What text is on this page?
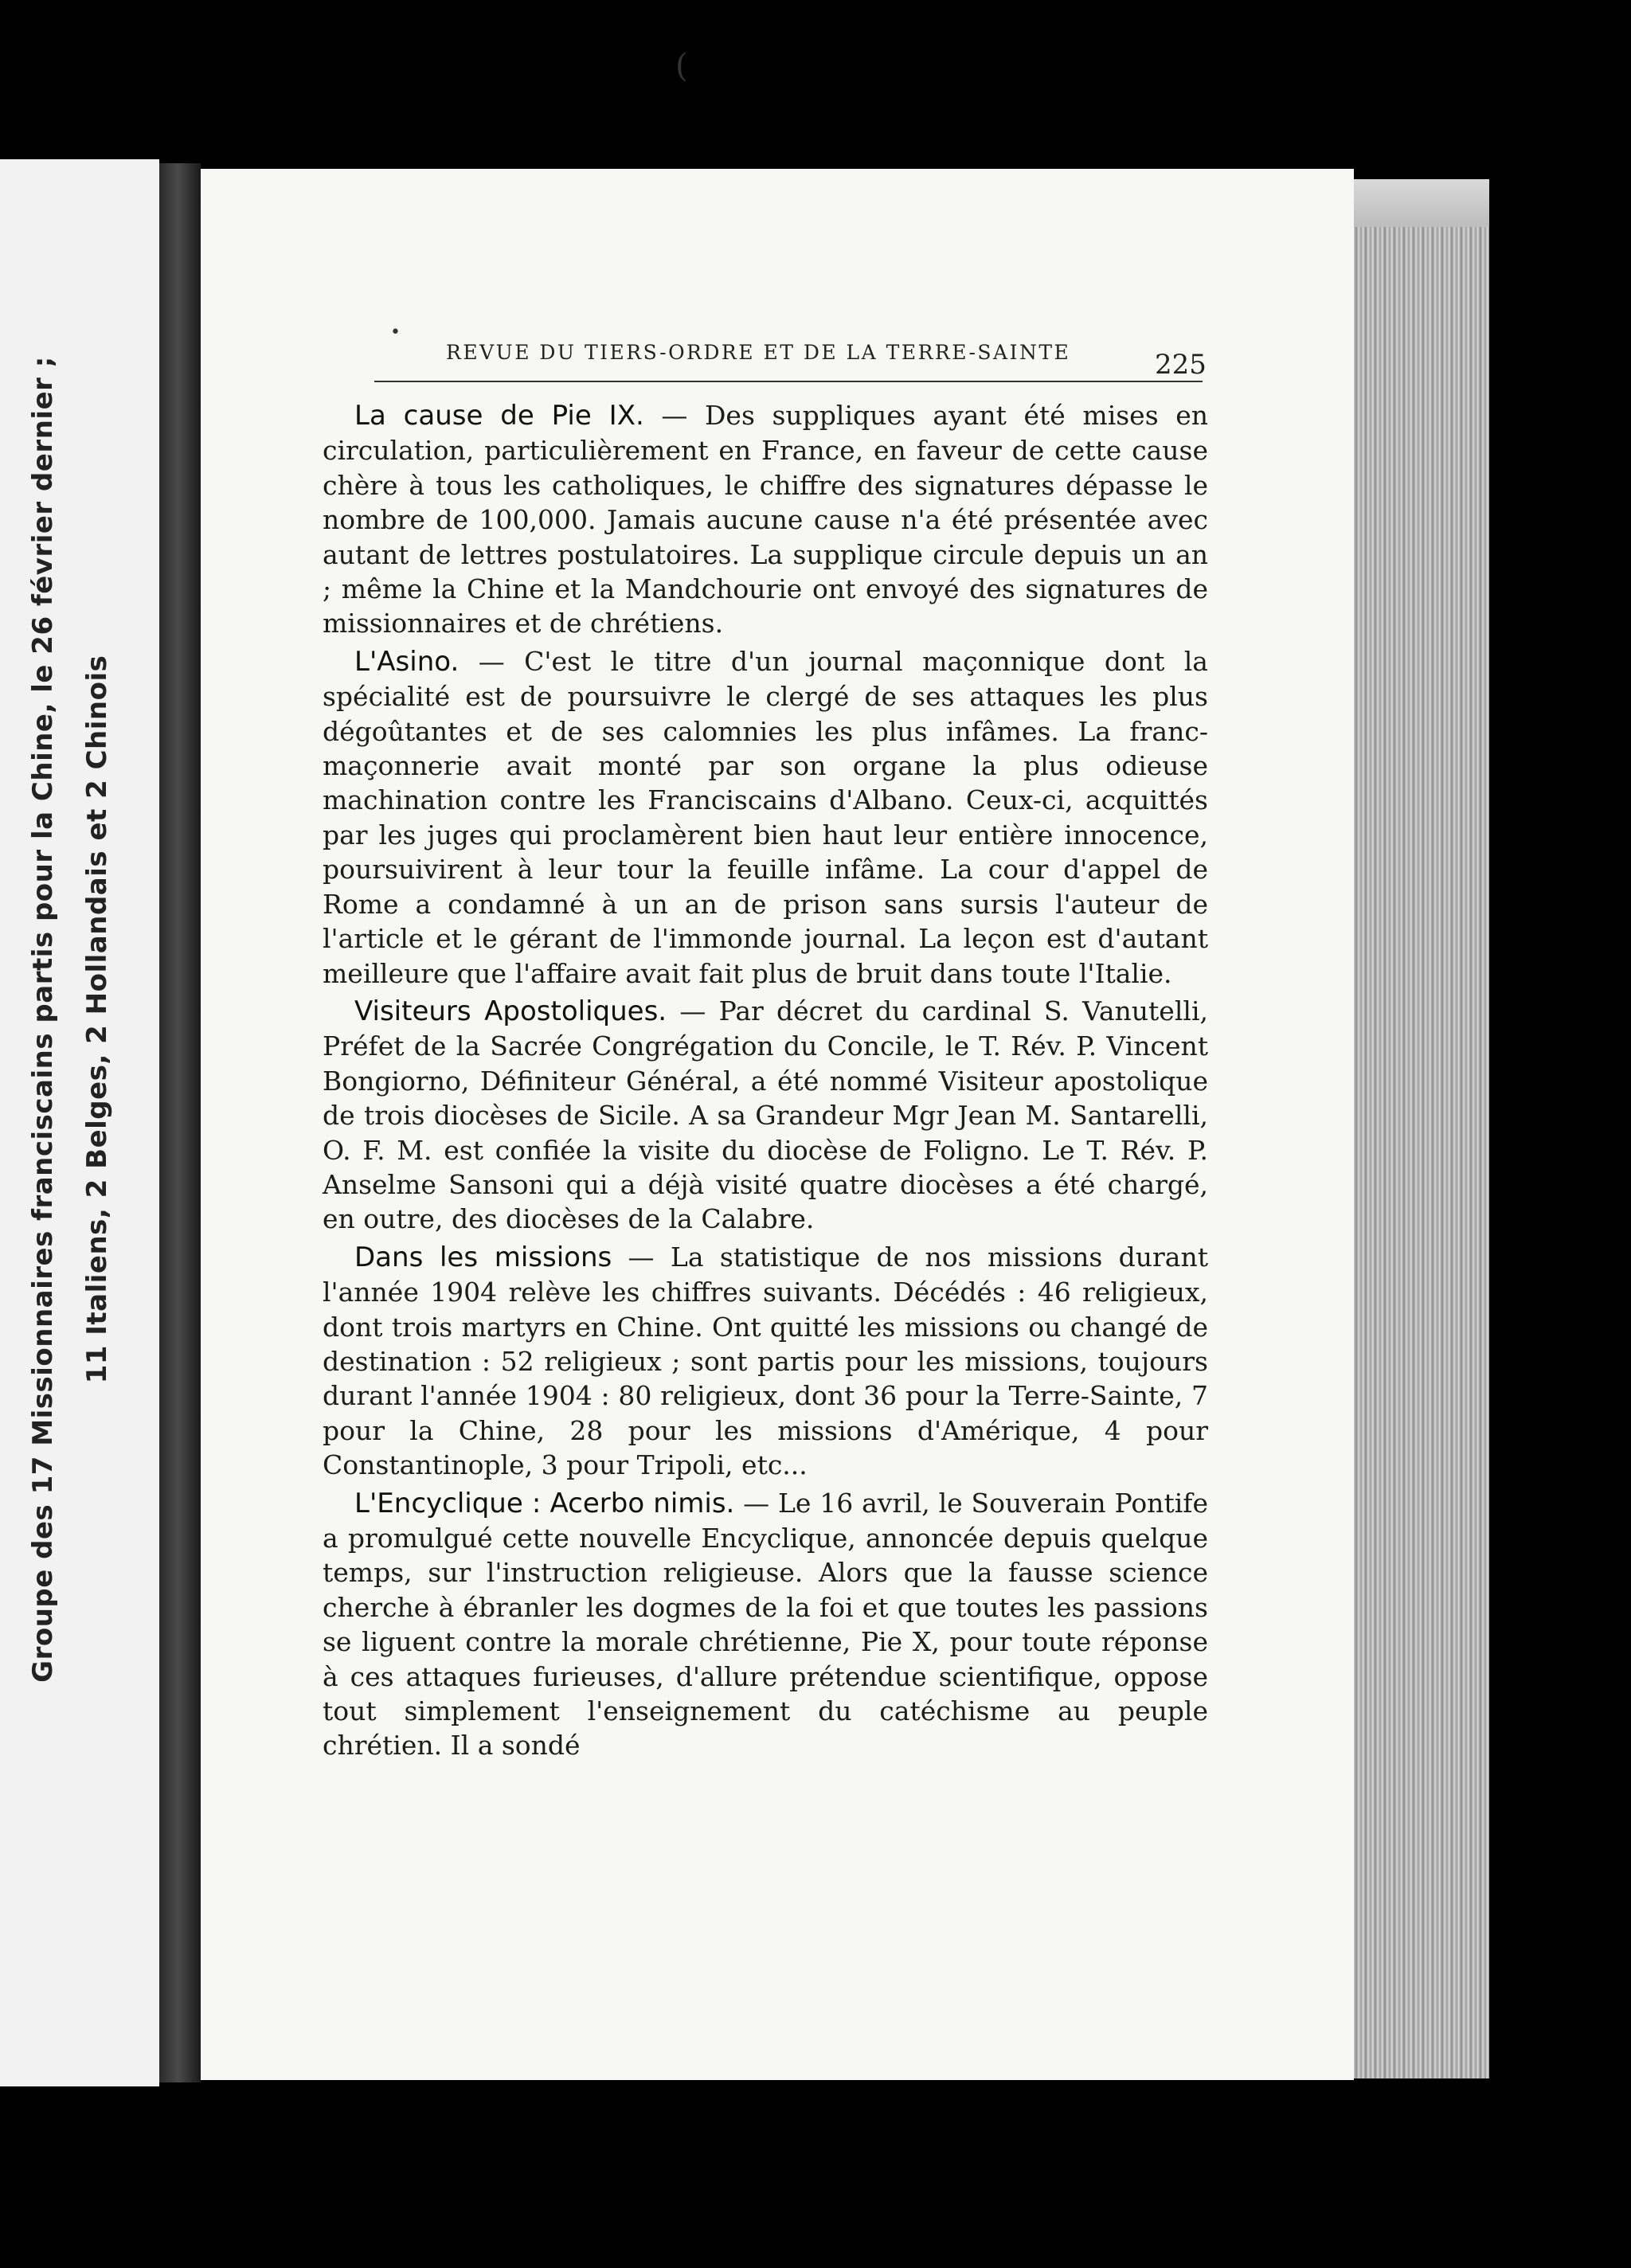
Groupe des 17 Missionnaires franciscains partis pour la Chine, le 26 février dernier ; 11 Italiens, 2 Belges, 2 Hollandais et 2 Chinois
•
(
REVUE DU TIERS-ORDRE ET DE LA TERRE-SAINTE	225

La cause de Pie IX. — Des suppliques ayant été mises en circulation, particulièrement en France, en faveur de cette cause chère à tous les catholiques, le chiffre des signatures dépasse le nombre de 100,000. Jamais aucune cause n'a été présentée avec autant de lettres postulatoires. La supplique circule depuis un an ; même la Chine et la Mandchourie ont envoyé des signatures de missionnaires et de chrétiens.

L'Asino. — C'est le titre d'un journal maçonnique dont la spécialité est de poursuivre le clergé de ses attaques les plus dégoûtantes et de ses calomnies les plus infâmes. La franc-maçonnerie avait monté par son organe la plus odieuse machination contre les Franciscains d'Albano. Ceux-ci, acquittés par les juges qui proclamèrent bien haut leur entière innocence, poursuivirent à leur tour la feuille infâme. La cour d'appel de Rome a condamné à un an de prison sans sursis l'auteur de l'article et le gérant de l'immonde journal. La leçon est d'autant meilleure que l'affaire avait fait plus de bruit dans toute l'Italie.

Visiteurs Apostoliques. — Par décret du cardinal S. Vanutelli, Préfet de la Sacrée Congrégation du Concile, le T. Rév. P. Vincent Bongiorno, Définiteur Général, a été nommé Visiteur apostolique de trois diocèses de Sicile. A sa Grandeur Mgr Jean M. Santarelli, O. F. M. est confiée la visite du diocèse de Foligno. Le T. Rév. P. Anselme Sansoni qui a déjà visité quatre diocèses a été chargé, en outre, des diocèses de la Calabre.

Dans les missions — La statistique de nos missions durant l'année 1904 relève les chiffres suivants. Décédés : 46 religieux, dont trois martyrs en Chine. Ont quitté les missions ou changé de destination : 52 religieux ; sont partis pour les missions, toujours durant l'année 1904 : 80 religieux, dont 36 pour la Terre-Sainte, 7 pour la Chine, 28 pour les missions d'Amérique, 4 pour Constantinople, 3 pour Tripoli, etc...

L'Encyclique : Acerbo nimis. — Le 16 avril, le Souverain Pontife a promulgué cette nouvelle Encyclique, annoncée depuis quelque temps, sur l'instruction religieuse. Alors que la fausse science cherche à ébranler les dogmes de la foi et que toutes les passions se liguent contre la morale chrétienne, Pie X, pour toute réponse à ces attaques furieuses, d'allure prétendue scientifique, oppose tout simplement l'enseignement du catéchisme au peuple chrétien. Il a sondé
